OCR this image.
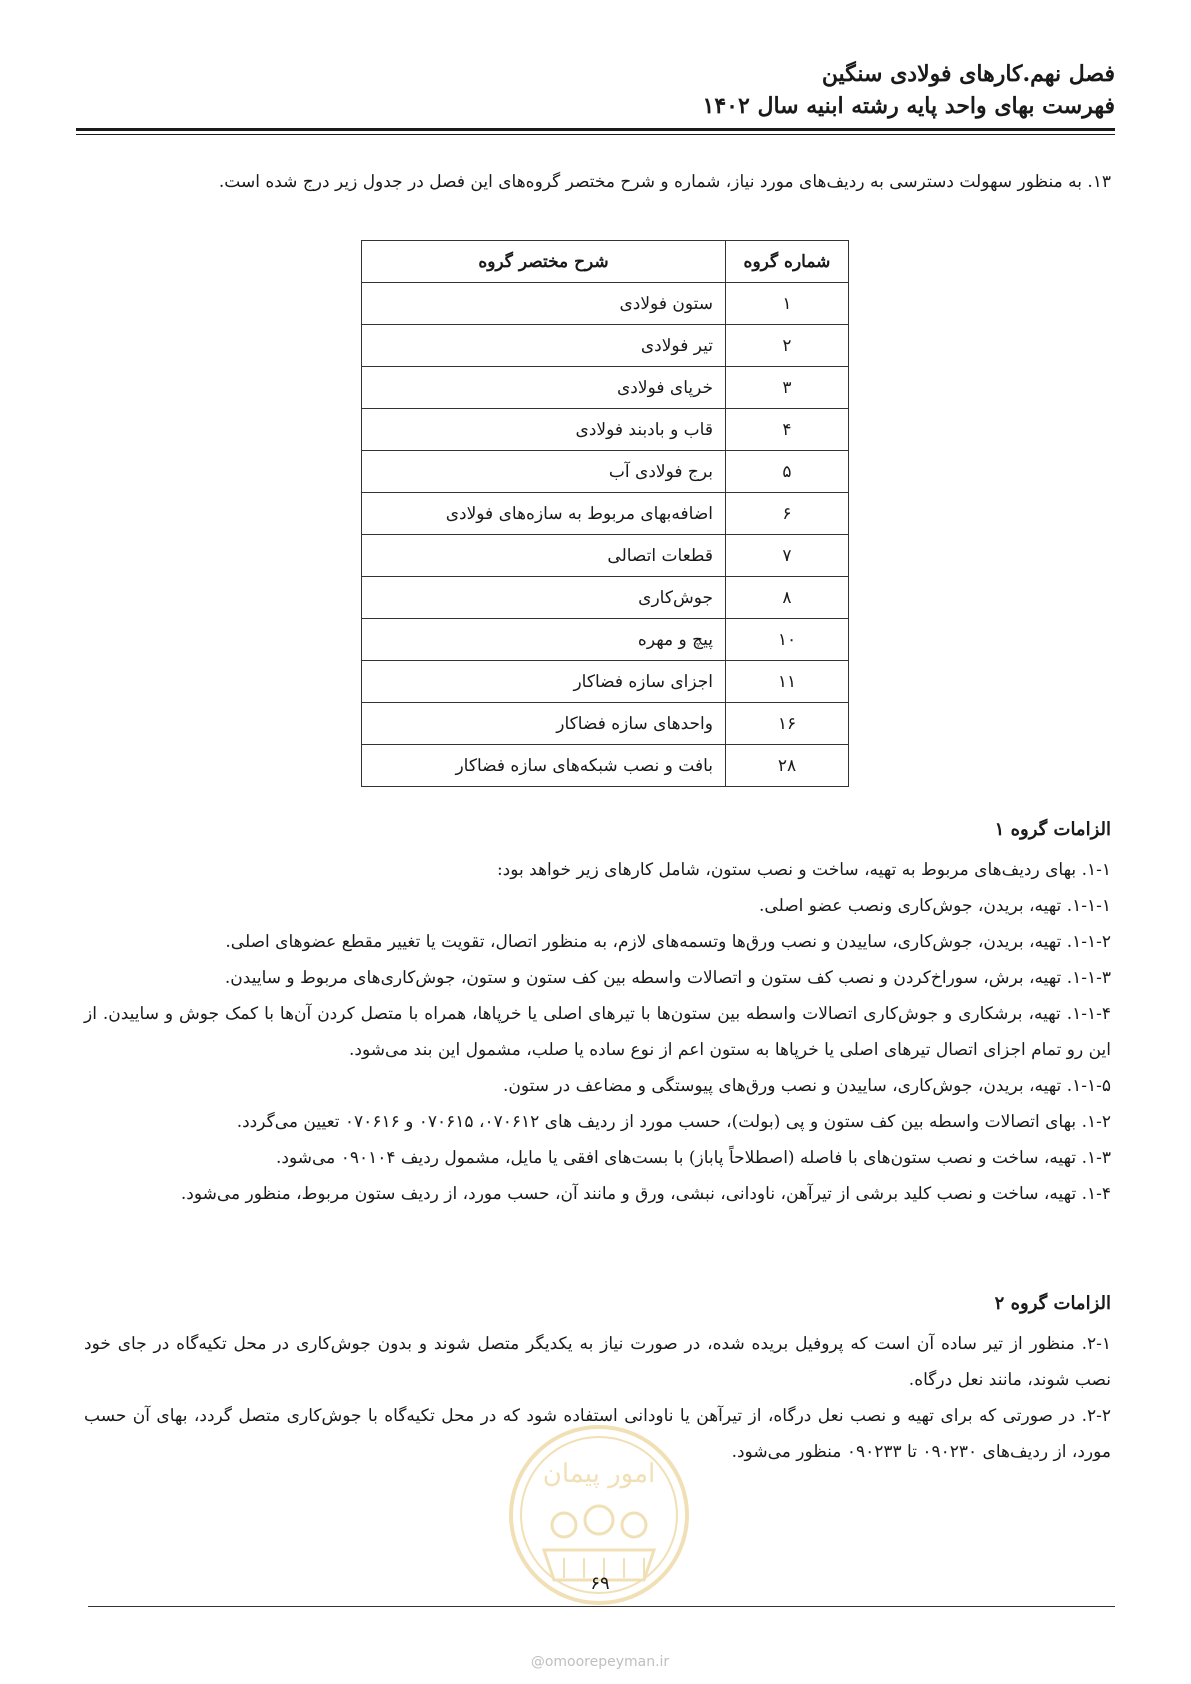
فصل نهم.کارهای فولادی سنگین
فهرست بهای واحد پایه رشته ابنیه سال ۱۴۰۲
۱۳. به منظور سهولت دسترسی به ردیف‌های مورد نیاز، شماره و شرح مختصر گروه‌های این فصل در جدول زیر درج شده است.
شماره گروه	شرح مختصر گروه
۱	ستون فولادی
۲	تیر فولادی
۳	خرپای فولادی
۴	قاب و بادبند فولادی
۵	برج فولادی آب
۶	اضافه‌بهای مربوط به سازه‌های فولادی
۷	قطعات اتصالی
۸	جوش‌کاری
۱۰	پیچ و مهره
۱۱	اجزای سازه فضاکار
۱۶	واحدهای سازه فضاکار
۲۸	بافت و نصب شبکه‌های سازه فضاکار
الزامات گروه ۱

۱-۱. بهای ردیف‌های مربوط به تهیه، ساخت و نصب ستون، شامل کارهای زیر خواهد بود:

۱-۱-۱. تهیه، بریدن، جوش‌کاری ونصب عضو اصلی.

۱-۱-۲. تهیه، بریدن، جوش‌کاری، ساییدن و نصب ورق‌ها وتسمه‌های لازم، به منظور اتصال، تقویت یا تغییر مقطع عضوهای اصلی.

۱-۱-۳. تهیه، برش، سوراخ‌کردن و نصب کف ستون و اتصالات واسطه بین کف ستون و ستون، جوش‌کاری‌های مربوط و ساییدن.

۱-۱-۴. تهیه، برشکاری و جوش‌کاری اتصالات واسطه بین ستون‌ها با تیرهای اصلی یا خرپاها، همراه با متصل کردن آن‌ها با کمک جوش و ساییدن. از این رو تمام اجزای اتصال تیرهای اصلی یا خرپاها به ستون اعم از نوع ساده یا صلب، مشمول این بند می‌شود.

۱-۱-۵. تهیه، بریدن، جوش‌کاری، ساییدن و نصب ورق‌های پیوستگی و مضاعف در ستون.

۱-۲. بهای اتصالات واسطه بین کف ستون و پی (بولت)، حسب مورد از ردیف های ۰۷۰۶۱۲، ۰۷۰۶۱۵ و ۰۷۰۶۱۶ تعیین می‌گردد.

۱-۳. تهیه، ساخت و نصب ستون‌های با فاصله (اصطلاحاً پاباز) با بست‌های افقی یا مایل، مشمول ردیف ۰۹۰۱۰۴ می‌شود.

۱-۴. تهیه، ساخت و نصب کلید برشی از تیرآهن، ناودانی، نبشی، ورق و مانند آن، حسب مورد، از ردیف ستون مربوط، منظور می‌شود.

الزامات گروه ۲

۲-۱. منظور از تیر ساده آن است که پروفیل بریده شده، در صورت نیاز به یکدیگر متصل شوند و بدون جوش‌کاری در محل تکیه‌گاه در جای خود نصب شوند، مانند نعل درگاه.

۲-۲. در صورتی که برای تهیه و نصب نعل درگاه، از تیرآهن یا ناودانی استفاده شود که در محل تکیه‌گاه با جوش‌کاری متصل گردد، بهای آن حسب مورد، از ردیف‌های ۰۹۰۲۳۰ تا ۰۹۰۲۳۳ منظور می‌شود.

امور پیمان
۶۹
@omoorepeyman.ir
